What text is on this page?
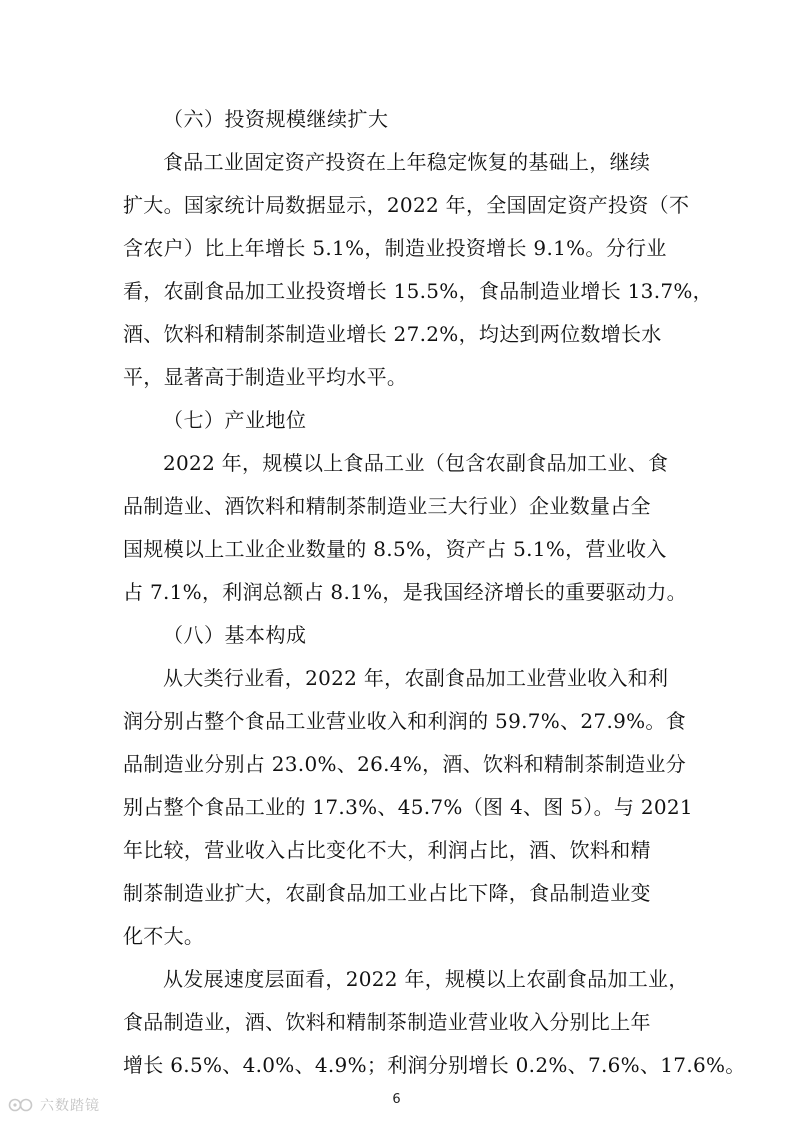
（六）投资规模继续扩大
食品工业固定资产投资在上年稳定恢复的基础上，继续
扩大。国家统计局数据显示，2022 年，全国固定资产投资（不
含农户）比上年增长 5.1%，制造业投资增长 9.1%。分行业
看，农副食品加工业投资增长 15.5%，食品制造业增长 13.7%，
酒、饮料和精制茶制造业增长 27.2%，均达到两位数增长水
平，显著高于制造业平均水平。
（七）产业地位
2022 年，规模以上食品工业（包含农副食品加工业、食
品制造业、酒饮料和精制茶制造业三大行业）企业数量占全
国规模以上工业企业数量的 8.5%，资产占 5.1%，营业收入
占 7.1%，利润总额占 8.1%，是我国经济增长的重要驱动力。
（八）基本构成
从大类行业看，2022 年，农副食品加工业营业收入和利
润分别占整个食品工业营业收入和利润的 59.7%、27.9%。食
品制造业分别占 23.0%、26.4%，酒、饮料和精制茶制造业分
别占整个食品工业的 17.3%、45.7%（图 4、图 5）。与 2021
年比较，营业收入占比变化不大，利润占比，酒、饮料和精
制茶制造业扩大，农副食品加工业占比下降，食品制造业变
化不大。
从发展速度层面看，2022 年，规模以上农副食品加工业，
食品制造业，酒、饮料和精制茶制造业营业收入分别比上年
增长 6.5%、4.0%、4.9%；利润分别增长 0.2%、7.6%、17.6%。
6
六数踏镜
